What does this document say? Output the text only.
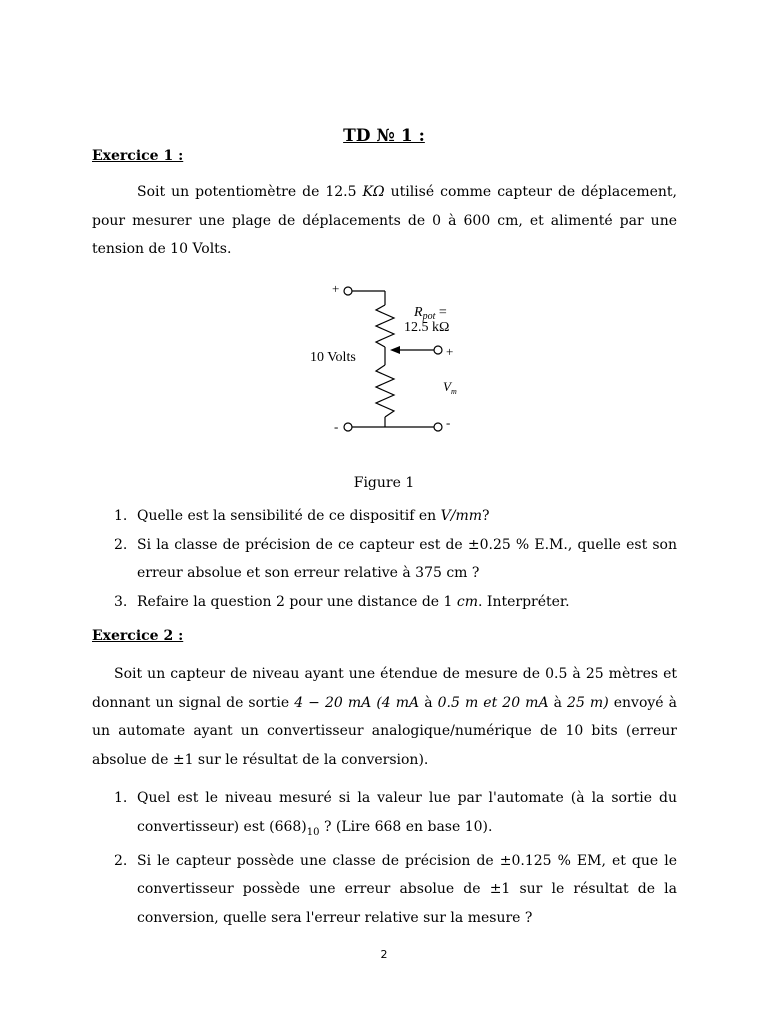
TD № 1 :
Exercice 1 :
Soit un potentiomètre de 12.5 KΩ utilisé comme capteur de déplacement, pour mesurer une plage de déplacements de 0 à 600 cm, et alimenté par une tension de 10 Volts.
+
-
+
-
$R_{pot}$ =
12.5 kΩ
10 Volts
$V_m$
Figure 1
1. Quelle est la sensibilité de ce dispositif en V/mm?
2. Si la classe de précision de ce capteur est de ±0.25 % E.M., quelle est son erreur absolue et son erreur relative à 375 cm ?
3. Refaire la question 2 pour une distance de 1 cm. Interpréter.
Exercice 2 :
Soit un capteur de niveau ayant une étendue de mesure de 0.5 à 25 mètres et donnant un signal de sortie 4 − 20 mA (4 mA à 0.5 m et 20 mA à 25 m) envoyé à un automate ayant un convertisseur analogique/numérique de 10 bits (erreur absolue de ±1 sur le résultat de la conversion).
1. Quel est le niveau mesuré si la valeur lue par l'automate (à la sortie du convertisseur) est $(668)_{10}$ ? (Lire 668 en base 10).
2. Si le capteur possède une classe de précision de ±0.125 % EM, et que le convertisseur possède une erreur absolue de ±1 sur le résultat de la conversion, quelle sera l'erreur relative sur la mesure ?
2
